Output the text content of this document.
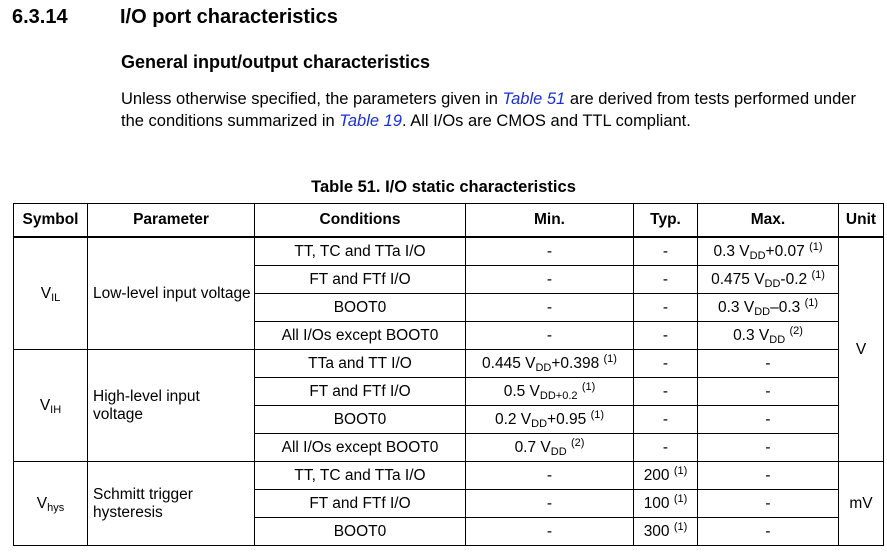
6.3.14	I/O port characteristics
General input/output characteristics
Unless otherwise specified, the parameters given in Table 51 are derived from tests performed under the conditions summarized in Table 19. All I/Os are CMOS and TTL compliant.
Table 51. I/O static characteristics
Symbol	Parameter	Conditions	Min.	Typ.	Max.	Unit
$V_{IL}$	Low-level input voltage	TT, TC and TTa I/O	-	-	0.3 $V_{DD}+0.07$ $^{(1)}$	V
		FT and FTf I/O	-	-	0.475 $V_{DD}-0.2$ $^{(1)}$
		BOOT0	-	-	0.3 $V_{DD}-0.3$ $^{(1)}$
		All I/Os except BOOT0	-	-	0.3 $V_{DD}$ $^{(2)}$
$V_{IH}$	High-level input voltage	TTa and TT I/O	0.445 $V_{DD}+0.398$ $^{(1)}$	-	-	
		FT and FTf I/O	0.5 $V_{DD+0.2}$ $^{(1)}$	-	-	
		BOOT0	0.2 $V_{DD}+0.95$ $^{(1)}$	-	-	
		All I/Os except BOOT0	0.7 $V_{DD}$ $^{(2)}$	-	-	
$V_{hys}$	Schmitt trigger hysteresis	TT, TC and TTa I/O	-	200 $^{(1)}$	-	mV
		FT and FTf I/O	-	100 $^{(1)}$	-	
		BOOT0	-	300 $^{(1)}$	-	
